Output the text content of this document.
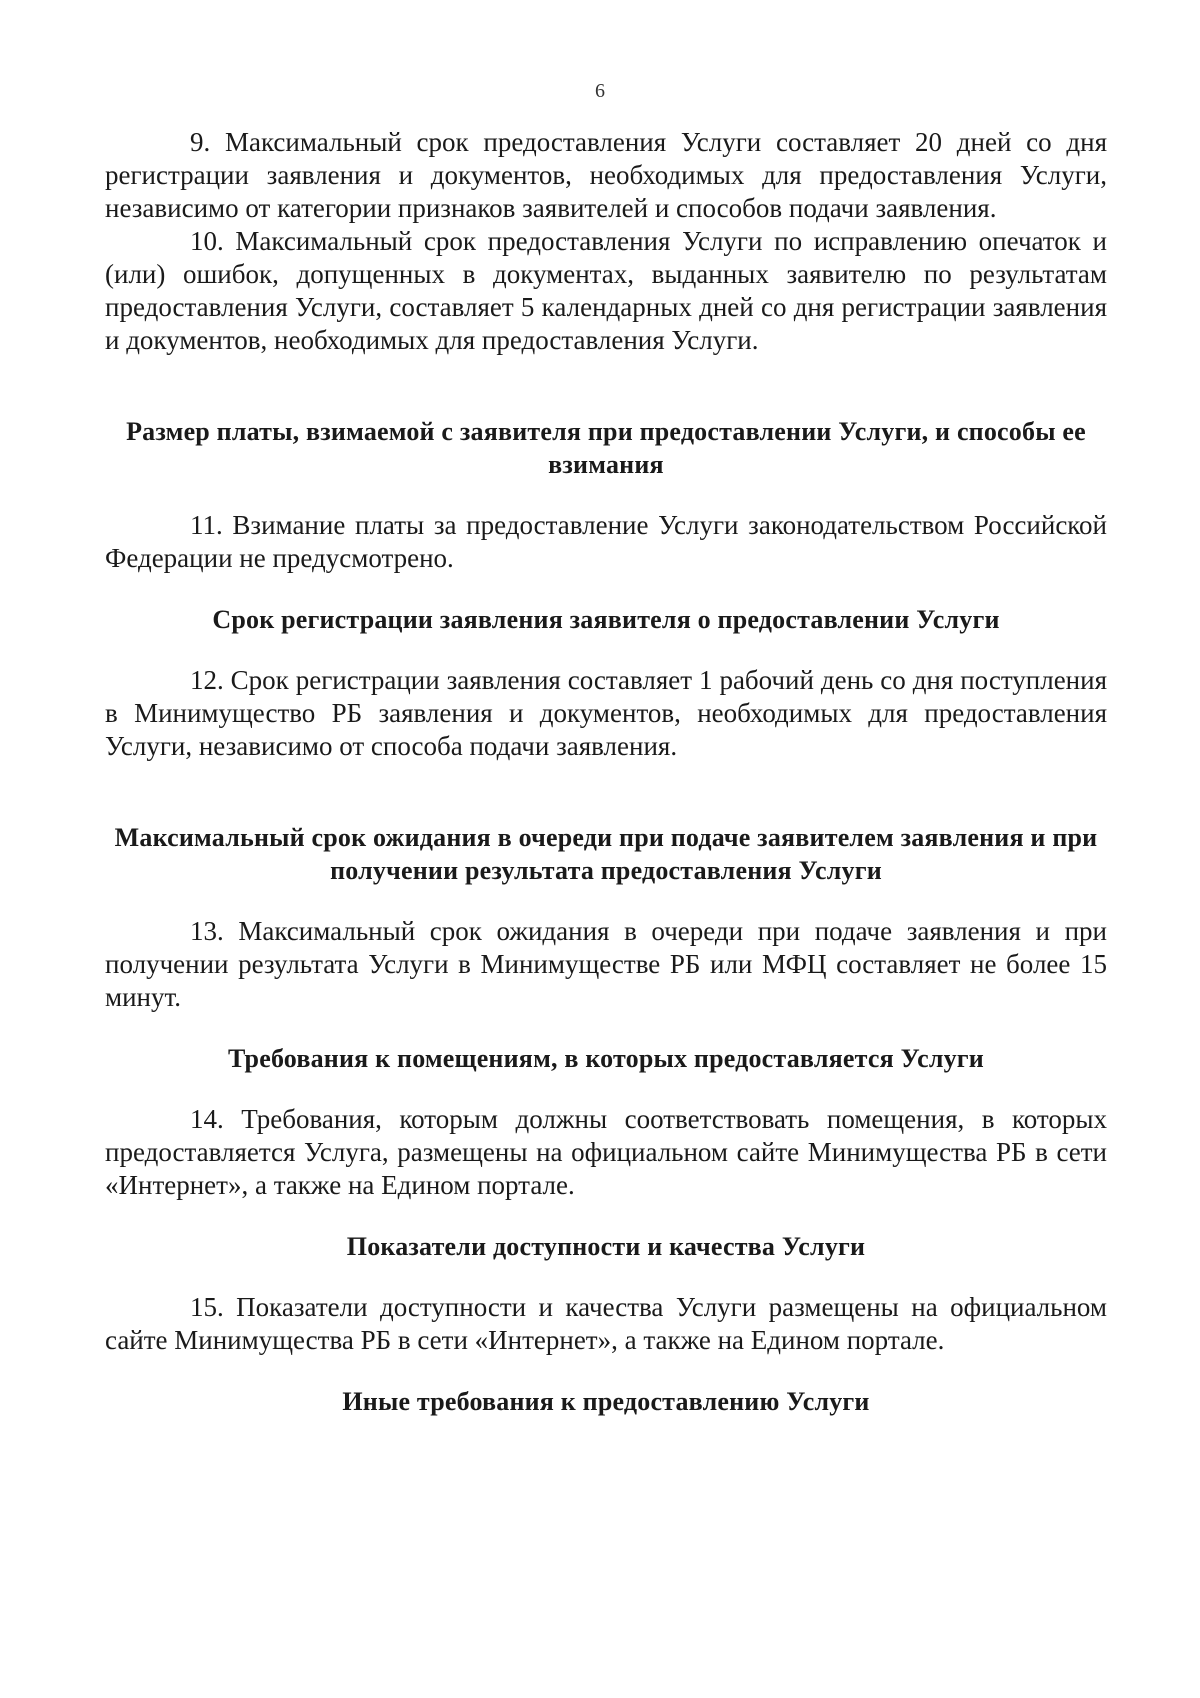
6

9. Максимальный срок предоставления Услуги составляет 20 дней со дня регистрации заявления и документов, необходимых для предоставления Услуги, независимо от категории признаков заявителей и способов подачи заявления.

10. Максимальный срок предоставления Услуги по исправлению опечаток и (или) ошибок, допущенных в документах, выданных заявителю по результатам предоставления Услуги, составляет 5 календарных дней со дня регистрации заявления и документов, необходимых для предоставления Услуги.

Размер платы, взимаемой с заявителя при предоставлении Услуги, и способы ее взимания

11. Взимание платы за предоставление Услуги законодательством Российской Федерации не предусмотрено.

Срок регистрации заявления заявителя о предоставлении Услуги

12. Срок регистрации заявления составляет 1 рабочий день со дня поступления в Минимущество РБ заявления и документов, необходимых для предоставления Услуги, независимо от способа подачи заявления.

Максимальный срок ожидания в очереди при подаче заявителем заявления и при получении результата предоставления Услуги

13. Максимальный срок ожидания в очереди при подаче заявления и при получении результата Услуги в Минимуществе РБ или МФЦ составляет не более 15 минут.

Требования к помещениям, в которых предоставляется Услуги

14. Требования, которым должны соответствовать помещения, в которых предоставляется Услуга, размещены на официальном сайте Минимущества РБ в сети «Интернет», а также на Едином портале.

Показатели доступности и качества Услуги

15. Показатели доступности и качества Услуги размещены на официальном сайте Минимущества РБ в сети «Интернет», а также на Едином портале.

Иные требования к предоставлению Услуги
